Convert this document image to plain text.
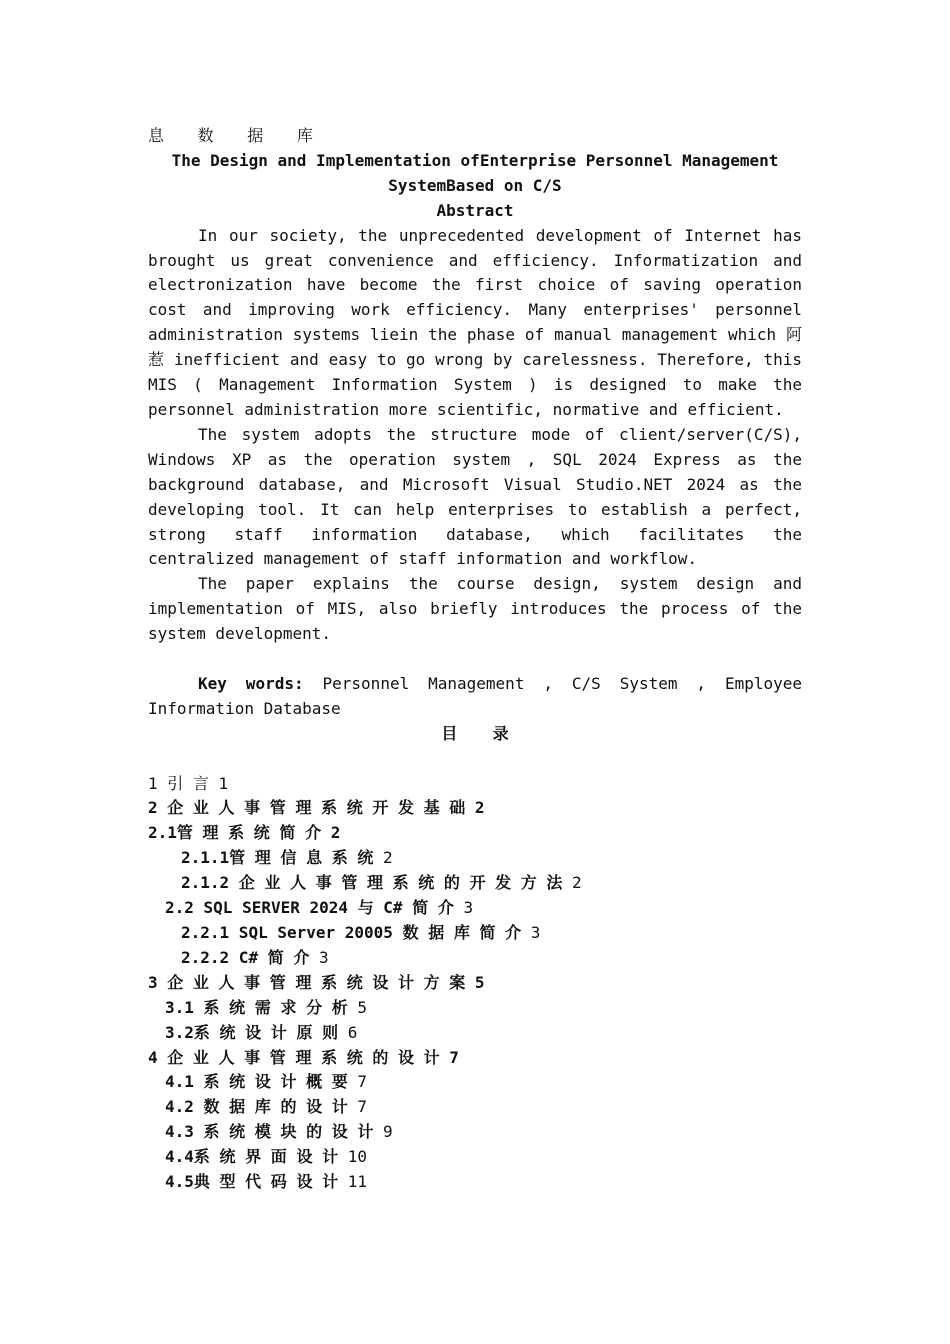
息 数 据 库
The Design and Implementation ofEnterprise Personnel Management
SystemBased on C/S
Abstract
In our society, the unprecedented development of Internet has brought us great convenience and efficiency. Informatization and electronization have become the first choice of saving operation cost and improving work efficiency. Many enterprises' personnel administration systems liein the phase of manual management which 阿 惹 inefficient and easy to go wrong by carelessness. Therefore, this MIS ( Management Information System ) is designed to make the personnel administration more scientific, normative and efficient.
The system adopts the structure mode of client/server(C/S), Windows XP as the operation system , SQL 2024 Express as the background database, and Microsoft Visual Studio.NET 2024 as the developing tool. It can help enterprises to establish a perfect, strong staff information database, which facilitates the centralized management of staff information and workflow.
The paper explains the course design, system design and implementation of MIS, also briefly introduces the process of the system development.
Key words: Personnel Management , C/S System , Employee Information Database
目录
1 引 言 1
2 企 业 人 事 管 理 系 统 开 发 基 础 2
2.1管 理 系 统 简 介 2
2.1.1管 理 信 息 系 统 2
2.1.2 企 业 人 事 管 理 系 统 的 开 发 方 法 2
2.2 SQL SERVER 2024 与 C# 简 介 3
2.2.1 SQL Server 20005 数 据 库 简 介 3
2.2.2 C# 简 介 3
3 企 业 人 事 管 理 系 统 设 计 方 案 5
3.1 系 统 需 求 分 析 5
3.2系 统 设 计 原 则 6
4 企 业 人 事 管 理 系 统 的 设 计 7
4.1 系 统 设 计 概 要 7
4.2 数 据 库 的 设 计 7
4.3 系 统 模 块 的 设 计 9
4.4系 统 界 面 设 计 10
4.5典 型 代 码 设 计 11
